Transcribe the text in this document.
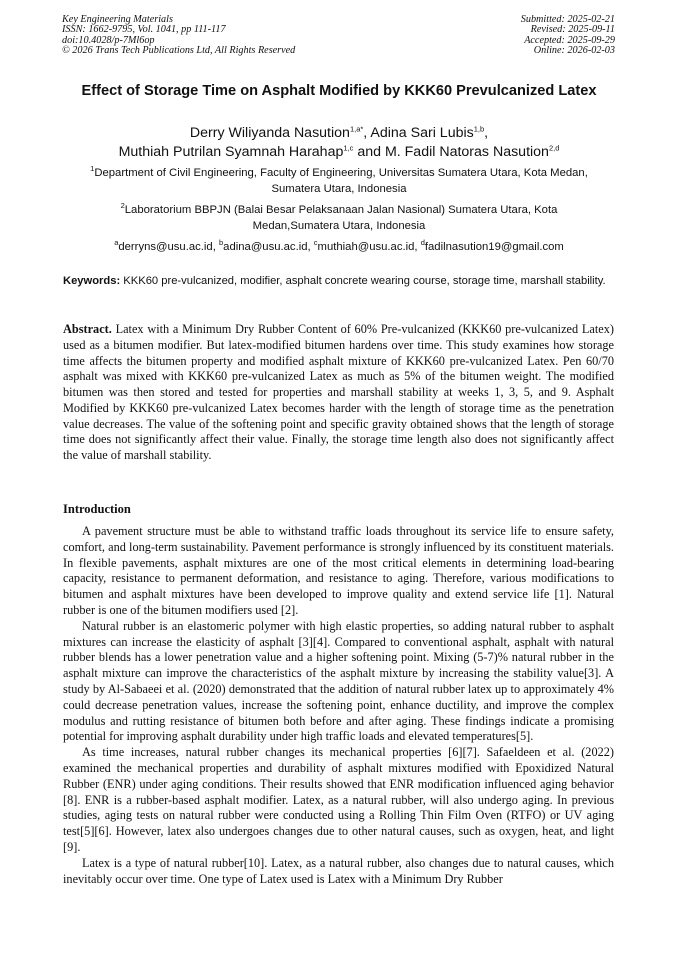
Key Engineering Materials
ISSN: 1662-9795, Vol. 1041, pp 111-117
doi:10.4028/p-7Ml6op
© 2026 Trans Tech Publications Ltd, All Rights Reserved
Submitted: 2025-02-21
Revised: 2025-09-11
Accepted: 2025-09-29
Online: 2026-02-03
Effect of Storage Time on Asphalt Modified by KKK60 Prevulcanized Latex
Derry Wiliyanda Nasution$^{1,a*}$, Adina Sari Lubis$^{1,b}$,
Muthiah Putrilan Syamnah Harahap$^{1,c}$ and M. Fadil Natoras Nasution$^{2,d}$
$^1$Department of Civil Engineering, Faculty of Engineering, Universitas Sumatera Utara, Kota Medan, Sumatera Utara, Indonesia
$^2$Laboratorium BBPJN (Balai Besar Pelaksanaan Jalan Nasional) Sumatera Utara, Kota Medan,Sumatera Utara, Indonesia
$^a$derryns@usu.ac.id, $^b$adina@usu.ac.id, $^c$muthiah@usu.ac.id, $^d$fadilnasution19@gmail.com
Keywords: KKK60 pre-vulcanized, modifier, asphalt concrete wearing course, storage time, marshall stability.
Abstract. Latex with a Minimum Dry Rubber Content of 60% Pre-vulcanized (KKK60 pre-vulcanized Latex) used as a bitumen modifier. But latex-modified bitumen hardens over time. This study examines how storage time affects the bitumen property and modified asphalt mixture of KKK60 pre-vulcanized Latex. Pen 60/70 asphalt was mixed with KKK60 pre-vulcanized Latex as much as 5% of the bitumen weight. The modified bitumen was then stored and tested for properties and marshall stability at weeks 1, 3, 5, and 9. Asphalt Modified by KKK60 pre-vulcanized Latex becomes harder with the length of storage time as the penetration value decreases. The value of the softening point and specific gravity obtained shows that the length of storage time does not significantly affect their value. Finally, the storage time length also does not significantly affect the value of marshall stability.
Introduction

A pavement structure must be able to withstand traffic loads throughout its service life to ensure safety, comfort, and long-term sustainability. Pavement performance is strongly influenced by its constituent materials. In flexible pavements, asphalt mixtures are one of the most critical elements in determining load-bearing capacity, resistance to permanent deformation, and resistance to aging. Therefore, various modifications to bitumen and asphalt mixtures have been developed to improve quality and extend service life [1]. Natural rubber is one of the bitumen modifiers used [2].

Natural rubber is an elastomeric polymer with high elastic properties, so adding natural rubber to asphalt mixtures can increase the elasticity of asphalt [3][4]. Compared to conventional asphalt, asphalt with natural rubber blends has a lower penetration value and a higher softening point. Mixing (5-7)% natural rubber in the asphalt mixture can improve the characteristics of the asphalt mixture by increasing the stability value[3]. A study by Al-Sabaeei et al. (2020) demonstrated that the addition of natural rubber latex up to approximately 4% could decrease penetration values, increase the softening point, enhance ductility, and improve the complex modulus and rutting resistance of bitumen both before and after aging. These findings indicate a promising potential for improving asphalt durability under high traffic loads and elevated temperatures[5].

As time increases, natural rubber changes its mechanical properties [6][7]. Safaeldeen et al. (2022) examined the mechanical properties and durability of asphalt mixtures modified with Epoxidized Natural Rubber (ENR) under aging conditions. Their results showed that ENR modification influenced aging behavior [8]. ENR is a rubber-based asphalt modifier. Latex, as a natural rubber, will also undergo aging. In previous studies, aging tests on natural rubber were conducted using a Rolling Thin Film Oven (RTFO) or UV aging test[5][6]. However, latex also undergoes changes due to other natural causes, such as oxygen, heat, and light [9].

Latex is a type of natural rubber[10]. Latex, as a natural rubber, also changes due to natural causes, which inevitably occur over time. One type of Latex used is Latex with a Minimum Dry Rubber
